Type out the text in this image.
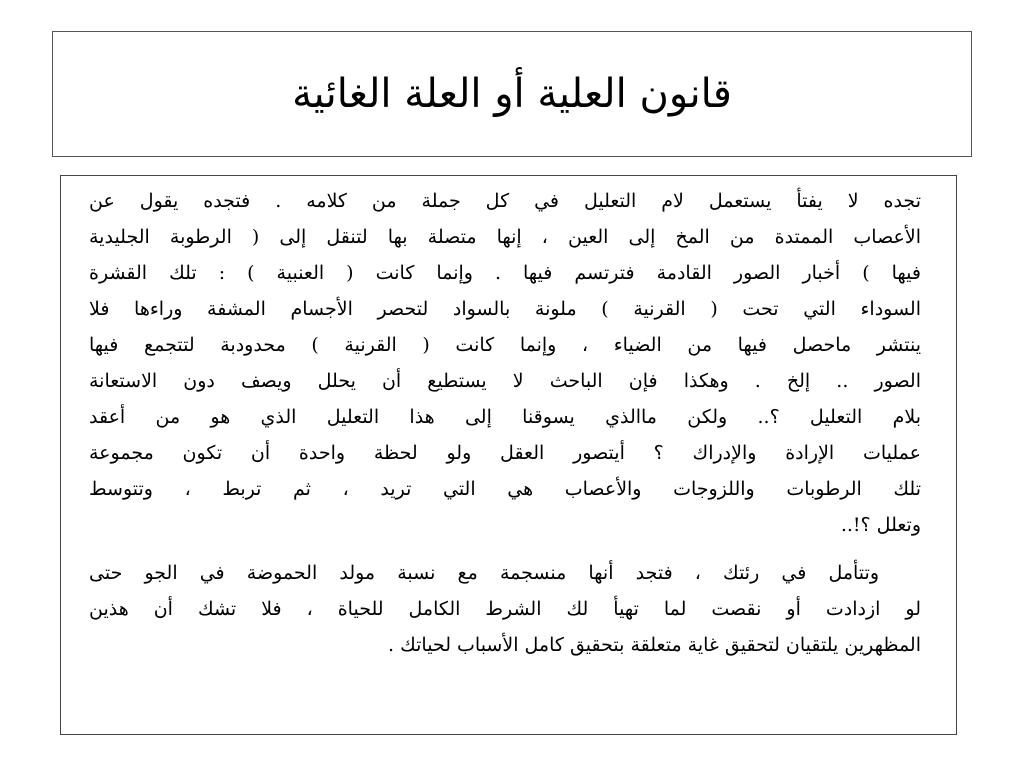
قانون العلية أو العلة الغائية
تجده لا يفتأ يستعمل لام التعليل في كل جملة من كلامه . فتجده يقول عن
الأعصاب الممتدة من المخ إلى العين ، إنها متصلة بها لتنقل إلى ( الرطوبة الجليدية
فيها ) أخبار الصور القادمة فترتسم فيها . وإنما كانت ( العنبية ) : تلك القشرة
السوداء التي تحت ( القرنية ) ملونة بالسواد لتحصر الأجسام المشفة وراءها فلا
ينتشر ماحصل فيها من الضياء ، وإنما كانت ( القرنية ) محدودبة لتتجمع فيها
الصور .. إلخ . وهكذا فإن الباحث لا يستطيع أن يحلل ويصف دون الاستعانة
بلام التعليل ؟.. ولكن ماالذي يسوقنا إلى هذا التعليل الذي هو من أعقد
عمليات الإرادة والإدراك ؟ أيتصور العقل ولو لحظة واحدة أن تكون مجموعة
تلك الرطوبات واللزوجات والأعصاب هي التي تريد ، ثم تربط ، وتتوسط
وتعلل ؟!..
وتتأمل في رئتك ، فتجد أنها منسجمة مع نسبة مولد الحموضة في الجو حتى
لو ازدادت أو نقصت لما تهيأ لك الشرط الكامل للحياة ، فلا تشك أن هذين
المظهرين يلتقيان لتحقيق غاية متعلقة بتحقيق كامل الأسباب لحياتك .
